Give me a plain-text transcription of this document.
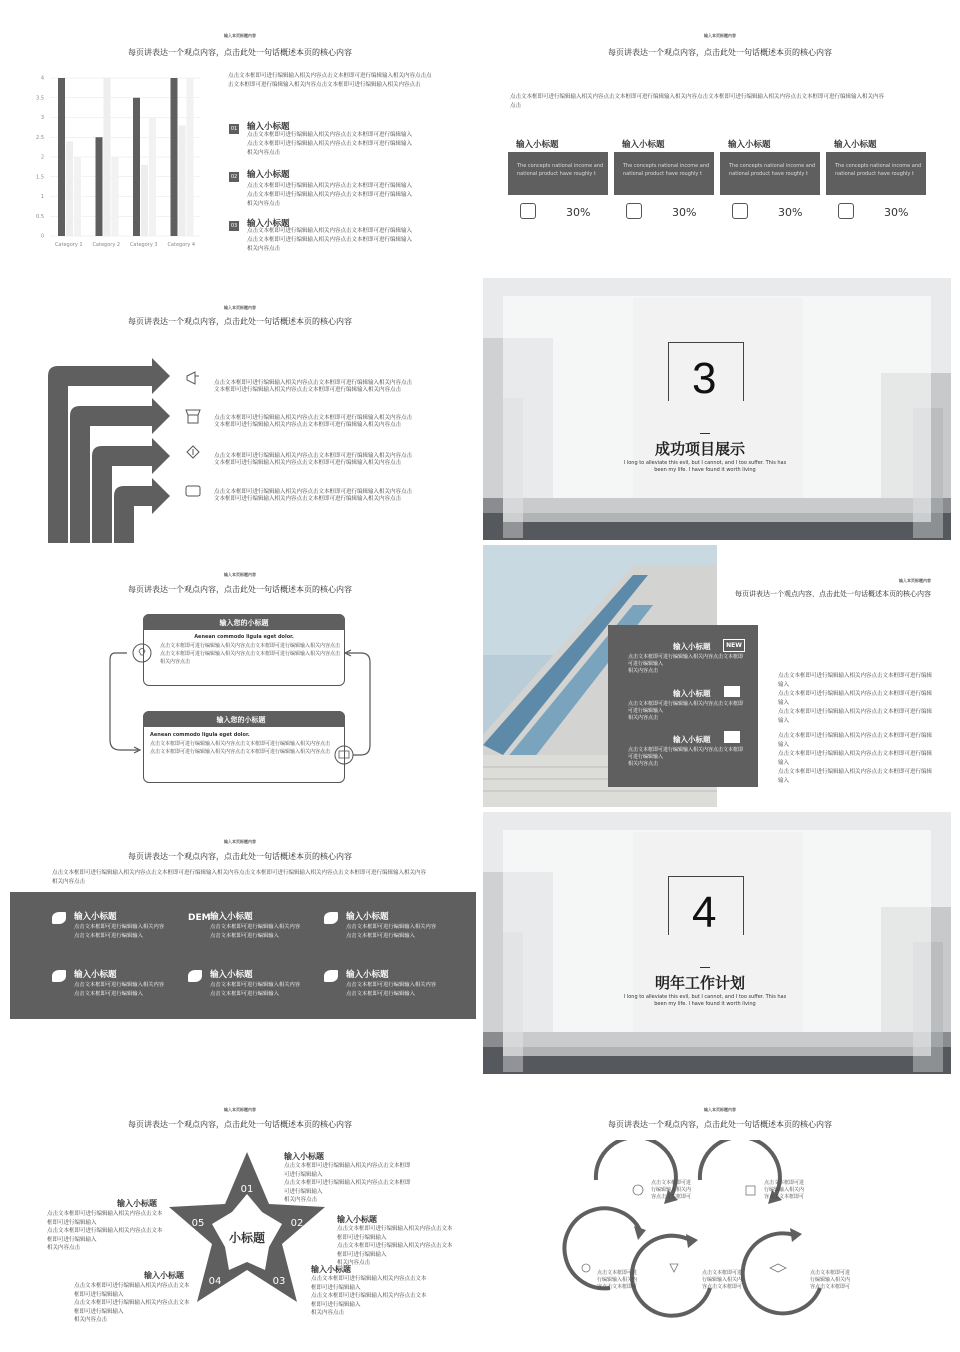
输入本页标题内容
每页讲表达一个观点内容，点击此处一句话概述本页的核心内容
0
0.5
1
1.5
2
2.5
3
3.5
4
Category 1 Category 2 Category 3 Category 4
点击文本框即可进行编辑输入相关内容点击文本框即可进行编辑输入相关内容点击点
击文本框即可进行编辑输入相关内容点击文本框即可进行编辑输入相关内容点击
01 输入小标题
点击文本框即可进行编辑输入相关内容点击文本框即可进行编辑输入
点击文本框即可进行编辑输入相关内容点击文本框即可进行编辑输入
相关内容点击
02 输入小标题
点击文本框即可进行编辑输入相关内容点击文本框即可进行编辑输入
点击文本框即可进行编辑输入相关内容点击文本框即可进行编辑输入
相关内容点击
03 输入小标题
点击文本框即可进行编辑输入相关内容点击文本框即可进行编辑输入
点击文本框即可进行编辑输入相关内容点击文本框即可进行编辑输入
相关内容点击
输入本页标题内容
每页讲表达一个观点内容，点击此处一句话概述本页的核心内容
点击文本框即可进行编辑输入相关内容点击文本框即可进行编辑输入相关内容点击文本框即可进行编辑输入相关内容点击文本框即可进行编辑输入相关内容
点击
输入小标题
The concepts national income and
national product have roughly t
30%
输入小标题
The concepts national income and
national product have roughly t
30%
输入小标题
The concepts national income and
national product have roughly t
30%
输入小标题
The concepts national income and
national product have roughly t
30%
输入本页标题内容
每页讲表达一个观点内容，点击此处一句话概述本页的核心内容
点击文本框即可进行编辑输入相关内容点击文本框即可进行编辑输入相关内容点击
文本框即可进行编辑输入相关内容点击文本框即可进行编辑输入相关内容点击
点击文本框即可进行编辑输入相关内容点击文本框即可进行编辑输入相关内容点击
文本框即可进行编辑输入相关内容点击文本框即可进行编辑输入相关内容点击
点击文本框即可进行编辑输入相关内容点击文本框即可进行编辑输入相关内容点击
文本框即可进行编辑输入相关内容点击文本框即可进行编辑输入相关内容点击
点击文本框即可进行编辑输入相关内容点击文本框即可进行编辑输入相关内容点击
文本框即可进行编辑输入相关内容点击文本框即可进行编辑输入相关内容点击
3
成功项目展示
I long to alleviate this evil, but I cannot, and I too suffer. This has
been my life. I have found it worth living
输入本页标题内容
每页讲表达一个观点内容，点击此处一句话概述本页的核心内容
输入您的小标题
Aenean commodo ligula eget dolor.
点击文本框即可进行编辑输入相关内容点击文本框即可进行编辑输入相关内容点击
点击文本框即可进行编辑输入相关内容点击文本框即可进行编辑输入相关内容点击
相关内容点击
输入您的小标题
Aenean commodo ligula eget dolor.
点击文本框即可进行编辑输入相关内容点击文本框即可进行编辑输入相关内容点击
点击文本框即可进行编辑输入相关内容点击文本框即可进行编辑输入相关内容点击
输入小标题	NEW
点击文本框即可进行编辑输入相关内容点击文本框即可进行编辑输入
相关内容点击
输入小标题
点击文本框即可进行编辑输入相关内容点击文本框即可进行编辑输入
相关内容点击
输入小标题
点击文本框即可进行编辑输入相关内容点击文本框即可进行编辑输入
相关内容点击
输入本页标题内容
每页讲表达一个观点内容，点击此处一句话概述本页的核心内容
点击文本框即可进行编辑输入相关内容点击文本框即可进行编辑输入
点击文本框即可进行编辑输入相关内容点击文本框即可进行编辑输入
点击文本框即可进行编辑输入相关内容点击文本框即可进行编辑输入
点击文本框即可进行编辑输入相关内容点击文本框即可进行编辑输入
点击文本框即可进行编辑输入相关内容点击文本框即可进行编辑输入
点击文本框即可进行编辑输入相关内容点击文本框即可进行编辑输入
输入本页标题内容
每页讲表达一个观点内容，点击此处一句话概述本页的核心内容
点击文本框即可进行编辑输入相关内容点击文本框即可进行编辑输入相关内容点击文本框即可进行编辑输入相关内容点击文本框即可进行编辑输入相关内容
相关内容点击
输入小标题
点击文本框即可进行编辑输入相关内容点击文本框即可进行编辑输入
DEM 输入小标题
点击文本框即可进行编辑输入相关内容点击文本框即可进行编辑输入
输入小标题
点击文本框即可进行编辑输入相关内容点击文本框即可进行编辑输入
输入小标题
点击文本框即可进行编辑输入相关内容点击文本框即可进行编辑输入
输入小标题
点击文本框即可进行编辑输入相关内容点击文本框即可进行编辑输入
输入小标题
点击文本框即可进行编辑输入相关内容点击文本框即可进行编辑输入
4
明年工作计划
I long to alleviate this evil, but I cannot, and I too suffer. This has
been my life. I have found it worth living
输入本页标题内容
每页讲表达一个观点内容，点击此处一句话概述本页的核心内容
01
02
03
04
05
小标题
输入小标题
点击文本框即可进行编辑输入相关内容点击文本框即可进行编辑输入
点击文本框即可进行编辑输入相关内容点击文本框即可进行编辑输入
相关内容点击
输入小标题
点击文本框即可进行编辑输入相关内容点击文本框即可进行编辑输入
点击文本框即可进行编辑输入相关内容点击文本框即可进行编辑输入
相关内容点击
输入小标题
点击文本框即可进行编辑输入相关内容点击文本框即可进行编辑输入
点击文本框即可进行编辑输入相关内容点击文本框即可进行编辑输入
相关内容点击
输入小标题
点击文本框即可进行编辑输入相关内容点击文本框即可进行编辑输入
点击文本框即可进行编辑输入相关内容点击文本框即可进行编辑输入
相关内容点击
输入小标题
点击文本框即可进行编辑输入相关内容点击文本框即可进行编辑输入
点击文本框即可进行编辑输入相关内容点击文本框即可进行编辑输入
相关内容点击
输入本页标题内容
每页讲表达一个观点内容，点击此处一句话概述本页的核心内容
点击文本框即可进
行编辑输入相关内
容点击文本框即可
点击文本框即可进
行编辑输入相关内
容点击文本框即可
点击文本框即可进
行编辑输入相关内
容点击文本框即可
点击文本框即可进
行编辑输入相关内
容点击文本框即可
点击文本框即可进
行编辑输入相关内
容点击文本框即可
